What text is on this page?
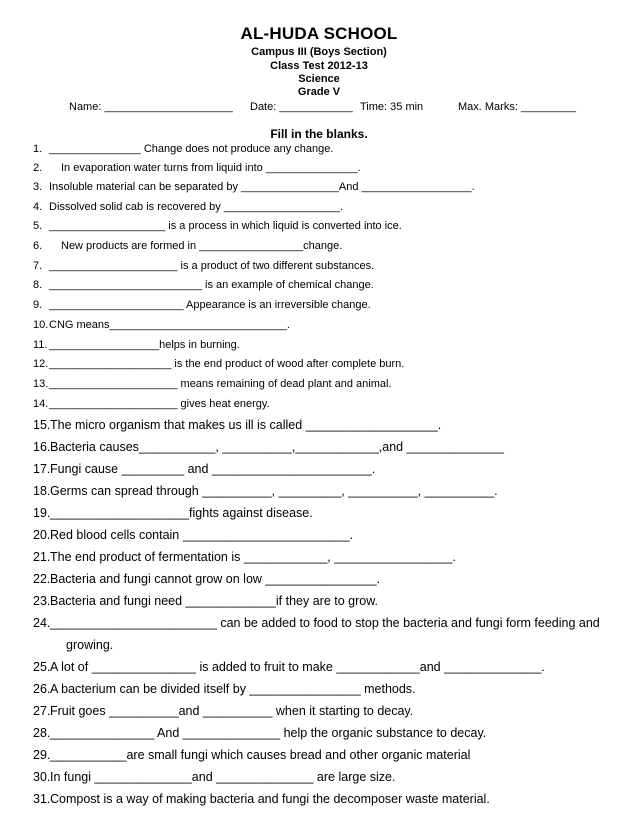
AL-HUDA SCHOOL
Campus III (Boys Section)
Class Test 2012-13
Science
Grade V
Name: _____________________ Date: ____________ Time: 35 min	Max. Marks: _________
Fill in the blanks.
1. _______________ Change does not produce any change.
2. In evaporation water turns from liquid into _______________.
3. Insoluble material can be separated by ________________And __________________.
4. Dissolved solid cab is recovered by ___________________.
5. ___________________ is a process in which liquid is converted into ice.
6. New products are formed in _________________change.
7. _____________________ is a product of two different substances.
8. _________________________ is an example of chemical change.
9. ______________________ Appearance is an irreversible change.
10.CNG means_____________________________.
11. __________________helps in burning.
12.____________________ is the end product of wood after complete burn.
13._____________________ means remaining of dead plant and animal.
14._____________________ gives heat energy.
15.The micro organism that makes us ill is called ___________________.
16.Bacteria causes___________, __________,____________,and ______________
17.Fungi cause _________ and _______________________.
18.Germs can spread through __________, _________, __________, __________.
19.____________________fights against disease.
20.Red blood cells contain ________________________.
21.The end product of fermentation is ____________, _________________.
22.Bacteria and fungi cannot grow on low ________________.
23.Bacteria and fungi need _____________if they are to grow.
24.________________________ can be added to food to stop the bacteria and fungi form feeding and
growing.
25.A lot of _______________ is added to fruit to make ____________and ______________.
26.A bacterium can be divided itself by ________________ methods.
27.Fruit goes __________and __________ when it starting to decay.
28._______________ And ______________ help the organic substance to decay.
29.___________are small fungi which causes bread and other organic material
30.In fungi ______________and ______________ are large size.
31.Compost is a way of making bacteria and fungi the decomposer waste material.
